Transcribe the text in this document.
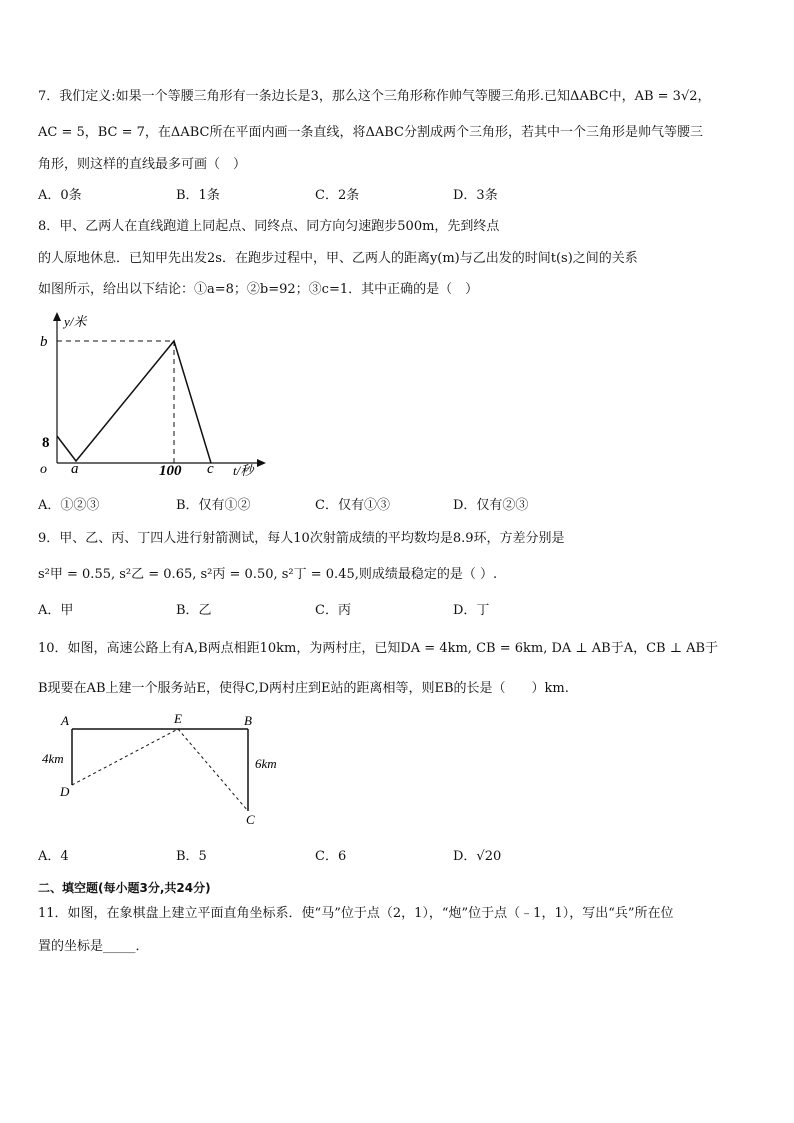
7．我们定义:如果一个等腰三角形有一条边长是3，那么这个三角形称作帅气等腰三角形.已知ΔABC中，AB = 3√2，
AC = 5，BC = 7，在ΔABC所在平面内画一条直线，将ΔABC分割成两个三角形，若其中一个三角形是帅气等腰三
角形，则这样的直线最多可画（　）
A．0条	B．1条	C．2条	D．3条
8．甲、乙两人在直线跑道上同起点、同终点、同方向匀速跑步500m，先到终点
的人原地休息．已知甲先出发2s．在跑步过程中，甲、乙两人的距离y(m)与乙出发的时间t(s)之间的关系
如图所示，给出以下结论：①a=8；②b=92；③c=1．其中正确的是（　）
y/米
b
8
o a	100 c t/秒
A．①②③	B．仅有①②	C．仅有①③	D．仅有②③
9．甲、乙、丙、丁四人进行射箭测试，每人10次射箭成绩的平均数均是8.9环，方差分别是
s²甲 = 0.55, s²乙 = 0.65, s²丙 = 0.50, s²丁 = 0.45,则成绩最稳定的是（ ）.
A．甲	B．乙	C．丙	D．丁
10．如图，高速公路上有A,B两点相距10km，为两村庄，已知DA = 4km, CB = 6km, DA ⊥ AB于A，CB ⊥ AB于
B现要在AB上建一个服务站E，使得C,D两村庄到E站的距离相等，则EB的长是（　　）km.
A	E	B
D
C
4km	6km
A．4	B．5	C．6	D．√20
二、填空题(每小题3分,共24分)
11．如图，在象棋盘上建立平面直角坐标系．使“马”位于点（2，1），“炮”位于点（﹣1，1），写出“兵”所在位
置的坐标是_____．
